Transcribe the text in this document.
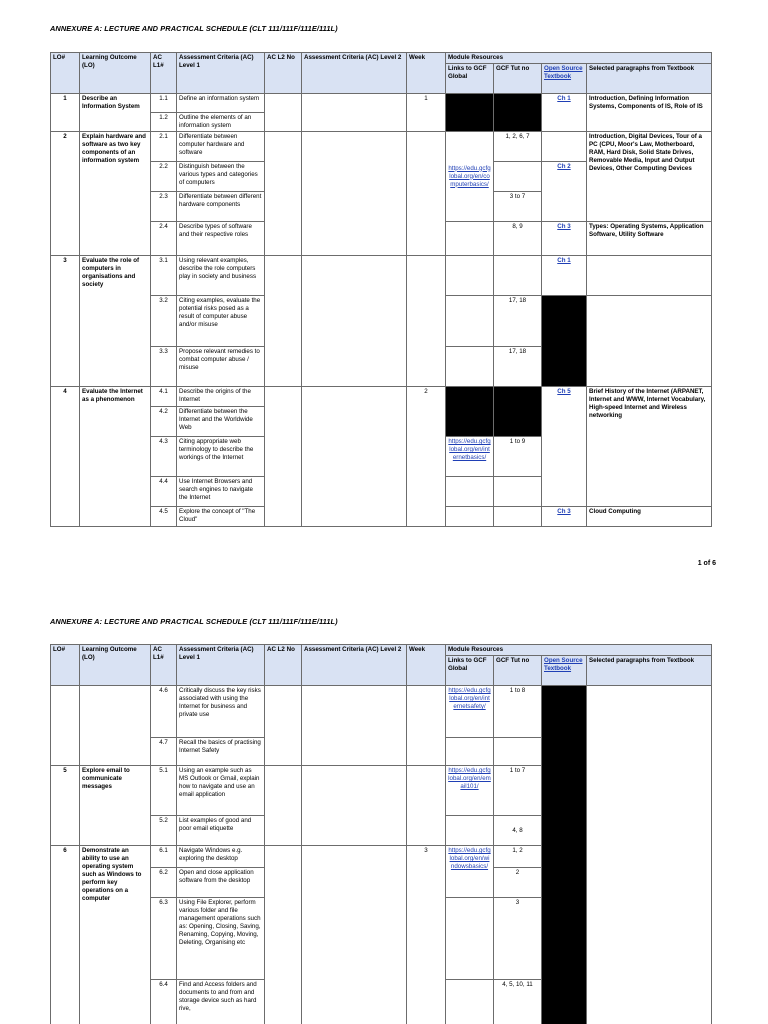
ANNEXURE A: LECTURE AND PRACTICAL SCHEDULE (CLT 111/111F/111E/111L)
LO#	Learning Outcome (LO)	AC L1#	Assessment Criteria (AC) Level 1	AC L2 No	Assessment Criteria (AC) Level 2	Week	Module Resources			
							Links to GCF Global	GCF Tut no	Open Source Textbook	Selected paragraphs from Textbook
1	Describe an Information System	1.1	Define an information system			1			Ch 1	Introduction, Defining Information Systems, Components of IS, Role of IS
		1.2	Outline the elements of an information system							
2	Explain hardware and software as two key components of an information system	2.1	Differentiate between computer hardware and software				https://edu.gcfglobal.org/en/computerbasics/	1, 2, 6, 7		Introduction, Digital Devices, Tour of a PC (CPU, Moor's Law, Motherboard, RAM, Hard Disk, Solid State Drives, Removable Media, Input and Output Devices, Other Computing Devices
		2.2	Distinguish between the various types and categories of computers						Ch 2	
		2.3	Differentiate between different hardware components					3 to 7		
		2.4	Describe types of software and their respective roles					8, 9	Ch 3	Types: Operating Systems, Application Software, Utility Software
3	Evaluate the role of computers in organisations and society	3.1	Using relevant examples, describe the role computers play in society and business						Ch 1	
		3.2	Citing examples, evaluate the potential risks posed as a result of computer abuse and/or misuse					17, 18		
		3.3	Propose relevant remedies to combat computer abuse / misuse					17, 18		
4	Evaluate the Internet as a phenomenon	4.1	Describe the origins of the Internet			2			Ch 5	Brief History of the Internet (ARPANET, Internet and WWW, Internet Vocabulary, High-speed Internet and Wireless networking
		4.2	Differentiate between the Internet and the Worldwide Web							
		4.3	Citing appropriate web terminology to describe the workings of the Internet				https://edu.gcfglobal.org/en/internetbasics/	1 to 9		
		4.4	Use Internet Browsers and search engines to navigate the Internet							
		4.5	Explore the concept of "The Cloud"						Ch 3	Cloud Computing
1 of 6
ANNEXURE A: LECTURE AND PRACTICAL SCHEDULE (CLT 111/111F/111E/111L)
LO#	Learning Outcome (LO)	AC L1#	Assessment Criteria (AC) Level 1	AC L2 No	Assessment Criteria (AC) Level 2	Week	Module Resources			
							Links to GCF Global	GCF Tut no	Open Source Textbook	Selected paragraphs from Textbook
		4.6	Critically discuss the key risks associated with using the Internet for business and private use				https://edu.gcfglobal.org/en/internetsafety/	1 to 8		
		4.7	Recall the basics of practising Internet Safety							
5	Explore email to communicate messages	5.1	Using an example such as MS Outlook or Gmail, explain how to navigate and use an email application				https://edu.gcfglobal.org/en/email101/	1 to 7		
		5.2	List examples of good and poor email etiquette					4, 8		
6	Demonstrate an ability to use an operating system such as Windows to perform key operations on a computer	6.1	Navigate Windows e.g. exploring the desktop			3	https://edu.gcfglobal.org/en/windowsbasics/	1, 2		
		6.2	Open and close application software from the desktop					2		
		6.3	Using File Explorer, perform various folder and file management operations such as: Opening, Closing, Saving, Renaming, Copying, Moving, Deleting, Organising etc					3		
		6.4	Find and Access folders and documents to and from and storage device such as hard rive,					4, 5, 10, 11		
